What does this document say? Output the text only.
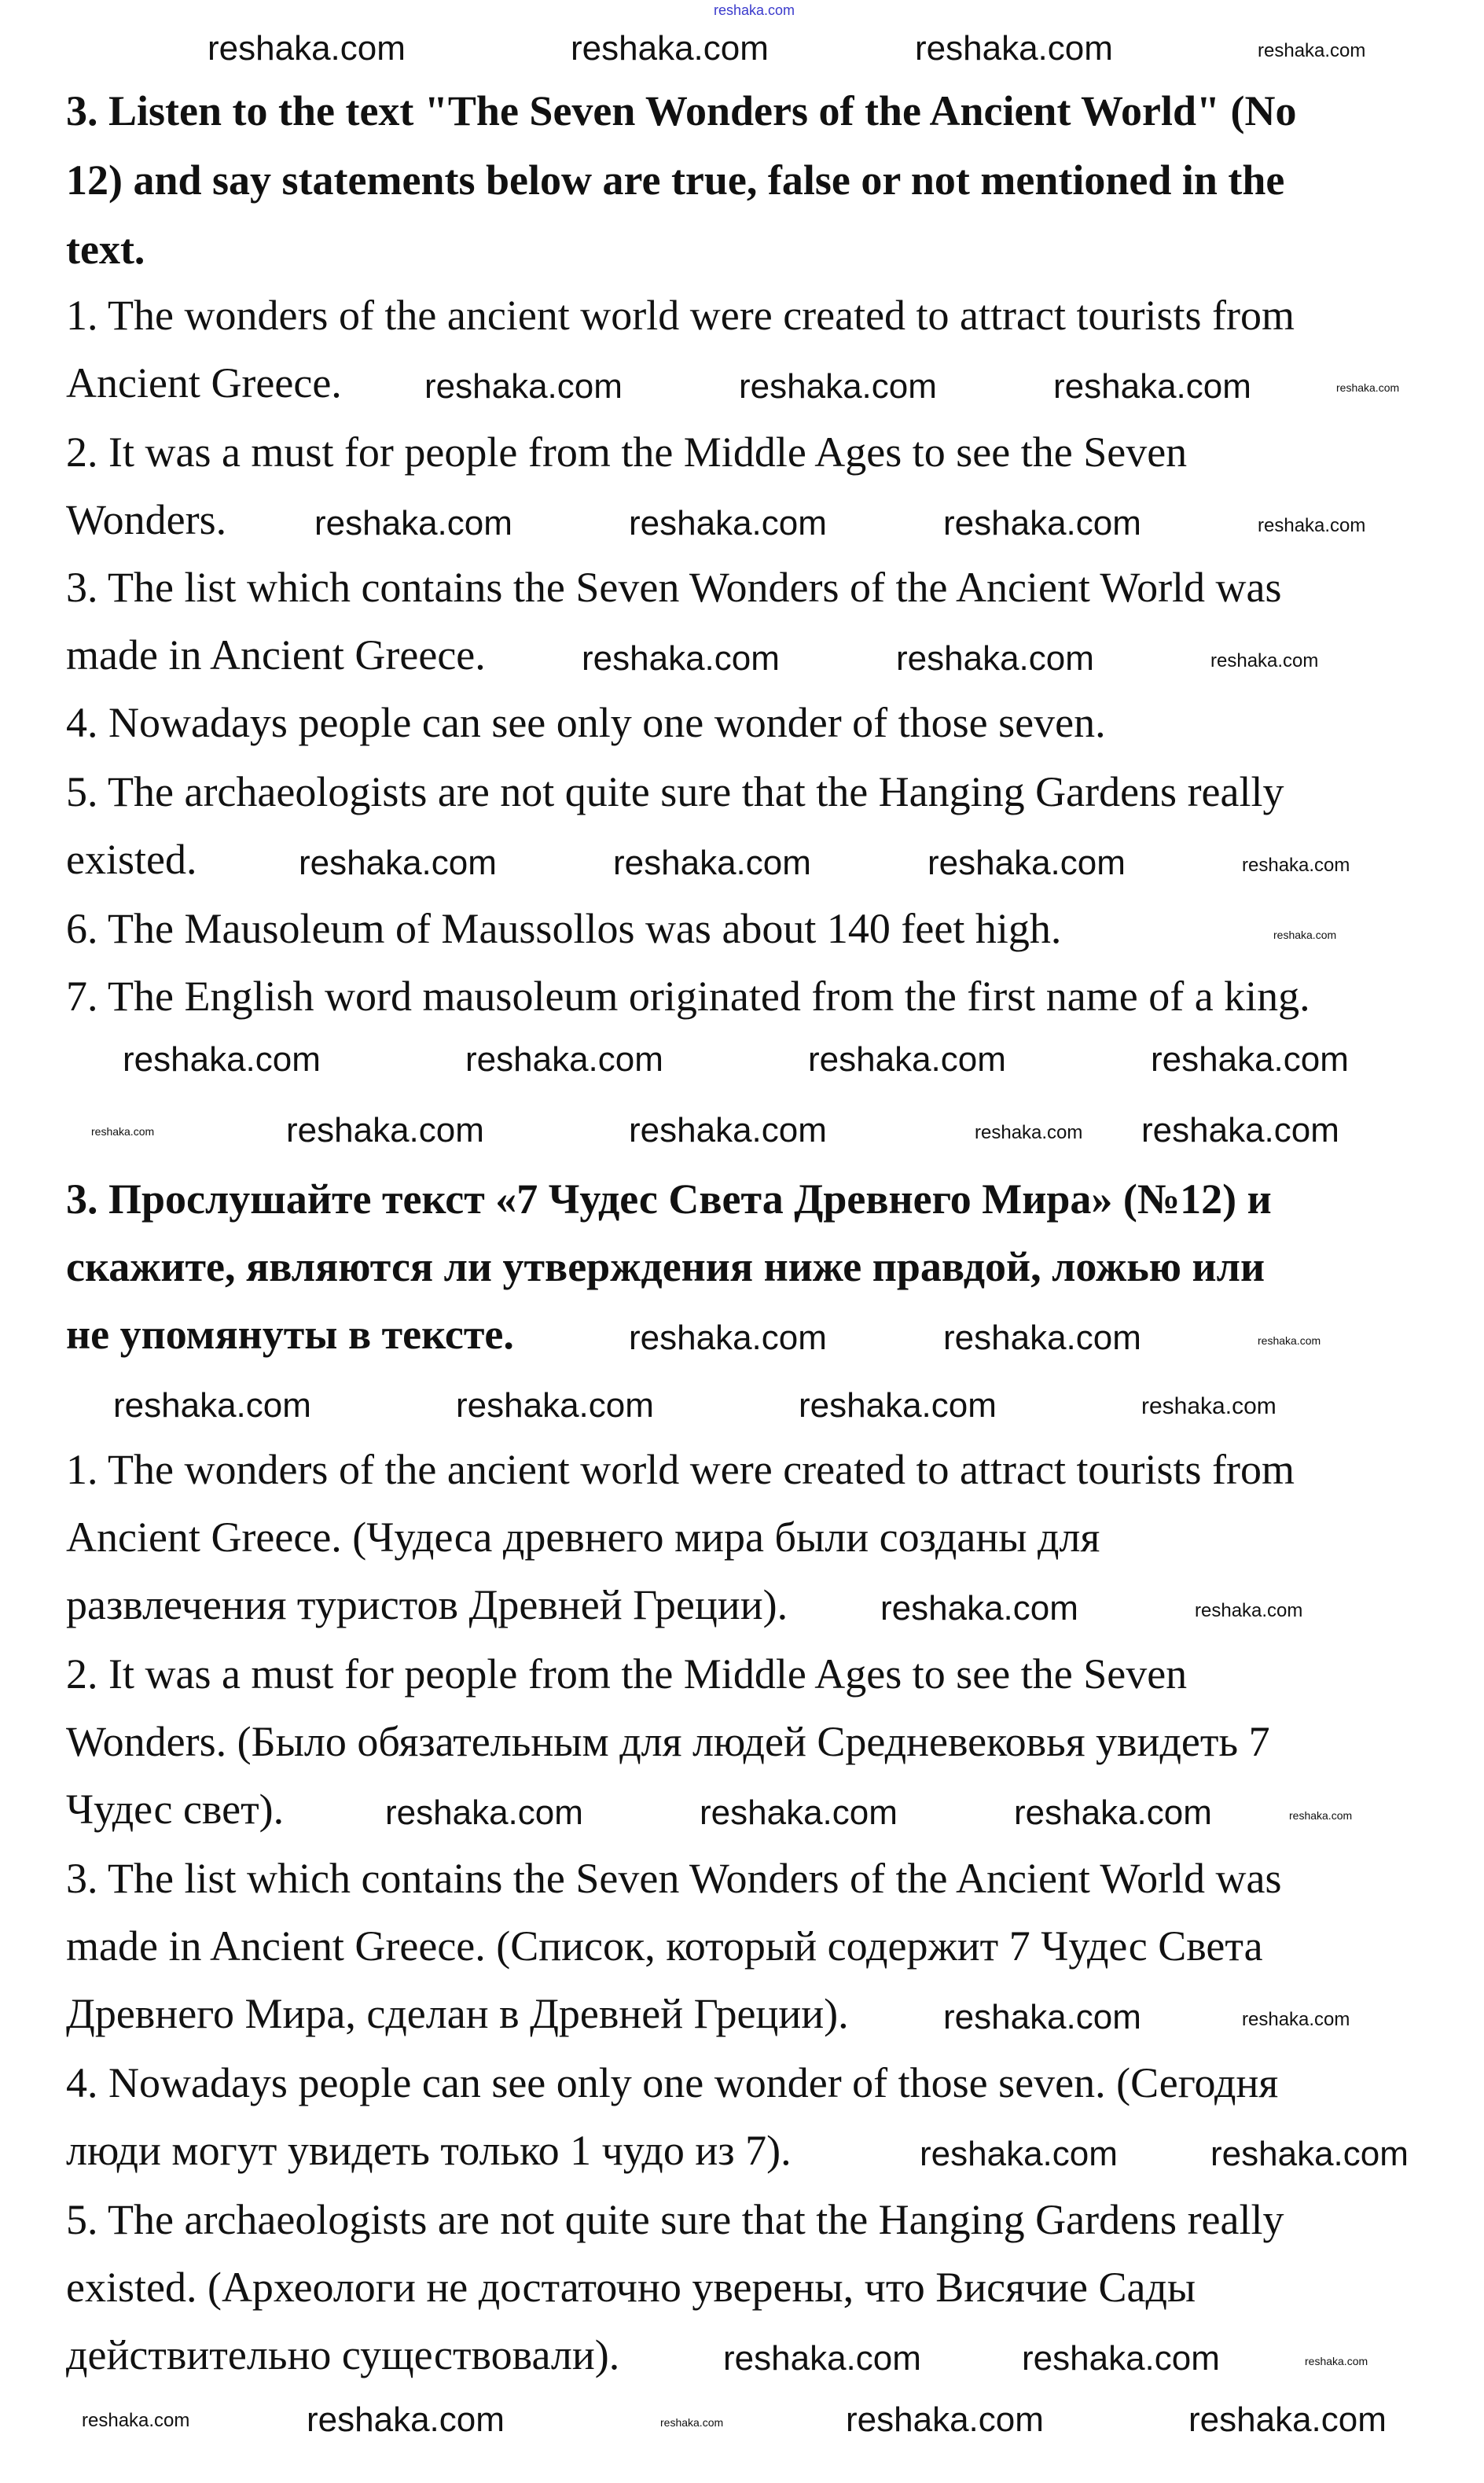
3. Listen to the text "The Seven Wonders of the Ancient World" (No
12) and say statements below are true, false or not mentioned in the
text.
1. The wonders of the ancient world were created to attract tourists from
Ancient Greece.
2. It was a must for people from the Middle Ages to see the Seven
Wonders.
3. The list which contains the Seven Wonders of the Ancient World was
made in Ancient Greece.
4. Nowadays people can see only one wonder of those seven.
5. The archaeologists are not quite sure that the Hanging Gardens really
existed.
6. The Mausoleum of Maussollos was about 140 feet high.
7. The English word mausoleum originated from the first name of a king.
3. Прослушайте текст «7 Чудес Света Древнего Мира» (№12) и
скажите, являются ли утверждения ниже правдой, ложью или
не упомянуты в тексте.
1. The wonders of the ancient world were created to attract tourists from
Ancient Greece. (Чудеса древнего мира были созданы для
развлечения туристов Древней Греции).
2. It was a must for people from the Middle Ages to see the Seven
Wonders. (Было обязательным для людей Средневековья увидеть 7
Чудес свет).
3. The list which contains the Seven Wonders of the Ancient World was
made in Ancient Greece. (Список, который содержит 7 Чудес Света
Древнего Мира, сделан в Древней Греции).
4. Nowadays people can see only one wonder of those seven. (Сегодня
люди могут увидеть только 1 чудо из 7).
5. The archaeologists are not quite sure that the Hanging Gardens really
existed. (Археологи не достаточно уверены, что Висячие Сады
действительно существовали).
reshaka.com
reshaka.com	reshaka.com	reshaka.com	reshaka.com
reshaka.com	reshaka.com	reshaka.com	reshaka.com
reshaka.com	reshaka.com	reshaka.com	reshaka.com
reshaka.com	reshaka.com	reshaka.com
reshaka.com	reshaka.com	reshaka.com	reshaka.com
reshaka.com
reshaka.com	reshaka.com	reshaka.com	reshaka.com
reshaka.com	reshaka.com	reshaka.com	reshaka.com reshaka.com
reshaka.com	reshaka.com	reshaka.com
reshaka.com	reshaka.com	reshaka.com	reshaka.com
reshaka.com	reshaka.com
reshaka.com	reshaka.com	reshaka.com	reshaka.com
reshaka.com	reshaka.com
reshaka.com	reshaka.com
reshaka.com	reshaka.com	reshaka.com
reshaka.com	reshaka.com	reshaka.com	reshaka.com	reshaka.com
